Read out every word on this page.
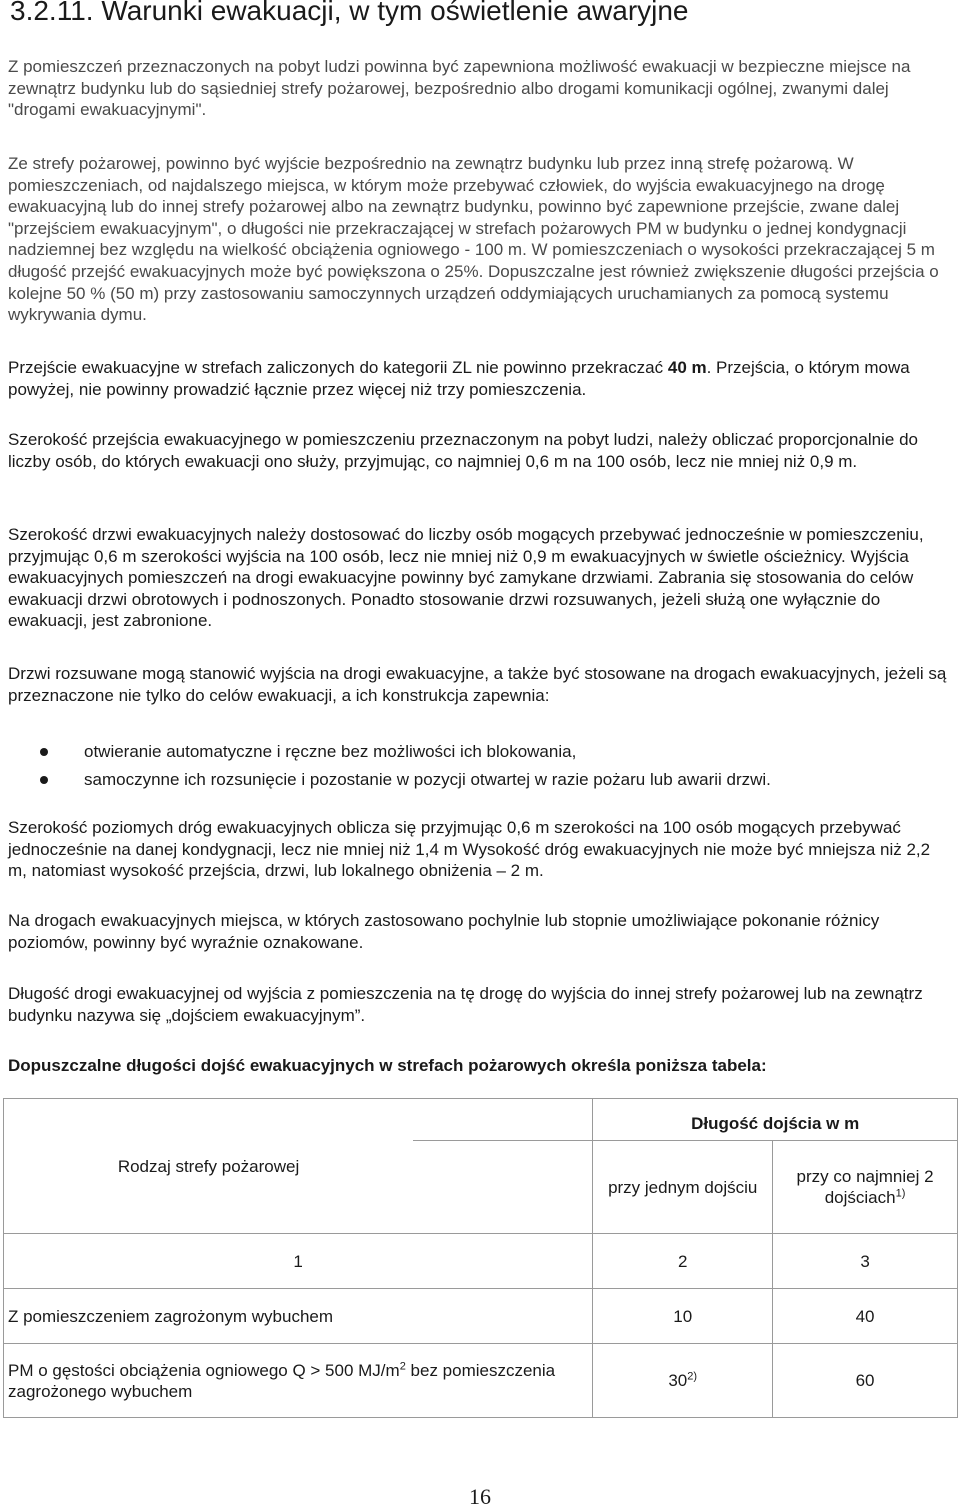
3.2.11. Warunki ewakuacji, w tym oświetlenie awaryjne

Z pomieszczeń przeznaczonych na pobyt ludzi powinna być zapewniona możliwość ewakuacji w bezpieczne miejsce na zewnątrz budynku lub do sąsiedniej strefy pożarowej, bezpośrednio albo drogami komunikacji ogólnej, zwanymi dalej "drogami ewakuacyjnymi".

Ze strefy pożarowej, powinno być wyjście bezpośrednio na zewnątrz budynku lub przez inną strefę pożarową. W pomieszczeniach, od najdalszego miejsca, w którym może przebywać człowiek, do wyjścia ewakuacyjnego na drogę ewakuacyjną lub do innej strefy pożarowej albo na zewnątrz budynku, powinno być zapewnione przejście, zwane dalej "przejściem ewakuacyjnym", o długości nie przekraczającej w strefach pożarowych PM w budynku o jednej kondygnacji nadziemnej bez względu na wielkość obciążenia ogniowego - 100 m. W pomieszczeniach o wysokości przekraczającej 5 m długość przejść ewakuacyjnych może być powiększona o 25%. Dopuszczalne jest również zwiększenie długości przejścia o kolejne 50 % (50 m) przy zastosowaniu samoczynnych urządzeń oddymiających uruchamianych za pomocą systemu wykrywania dymu.

Przejście ewakuacyjne w strefach zaliczonych do kategorii ZL nie powinno przekraczać 40 m. Przejścia, o którym mowa powyżej, nie powinny prowadzić łącznie przez więcej niż trzy pomieszczenia.

Szerokość przejścia ewakuacyjnego w pomieszczeniu przeznaczonym na pobyt ludzi, należy obliczać proporcjonalnie do liczby osób, do których ewakuacji ono służy, przyjmując, co najmniej 0,6 m na 100 osób, lecz nie mniej niż 0,9 m.

Szerokość drzwi ewakuacyjnych należy dostosować do liczby osób mogących przebywać jednocześnie w pomieszczeniu, przyjmując 0,6 m szerokości wyjścia na 100 osób, lecz nie mniej niż 0,9 m ewakuacyjnych w świetle ościeżnicy. Wyjścia ewakuacyjnych pomieszczeń na drogi ewakuacyjne powinny być zamykane drzwiami. Zabrania się stosowania do celów ewakuacji drzwi obrotowych i podnoszonych. Ponadto stosowanie drzwi rozsuwanych, jeżeli służą one wyłącznie do ewakuacji, jest zabronione.

Drzwi rozsuwane mogą stanowić wyjścia na drogi ewakuacyjne, a także być stosowane na drogach ewakuacyjnych, jeżeli są przeznaczone nie tylko do celów ewakuacji, a ich konstrukcja zapewnia:

otwieranie automatyczne i ręczne bez możliwości ich blokowania,
samoczynne ich rozsunięcie i pozostanie w pozycji otwartej w razie pożaru lub awarii drzwi.

Szerokość poziomych dróg ewakuacyjnych oblicza się przyjmując 0,6 m szerokości na 100 osób mogących przebywać jednocześnie na danej kondygnacji, lecz nie mniej niż 1,4 m Wysokość dróg ewakuacyjnych nie może być mniejsza niż 2,2 m, natomiast wysokość przejścia, drzwi, lub lokalnego obniżenia – 2 m.

Na drogach ewakuacyjnych miejsca, w których zastosowano pochylnie lub stopnie umożliwiające pokonanie różnicy poziomów, powinny być wyraźnie oznakowane.

Długość drogi ewakuacyjnej od wyjścia z pomieszczenia na tę drogę do wyjścia do innej strefy pożarowej lub na zewnątrz budynku nazywa się „dojściem ewakuacyjnym”.

Dopuszczalne długości dojść ewakuacyjnych w strefach pożarowych określa poniższa tabela:

Rodzaj strefy pożarowej		Długość dojścia w m	
		przy jednym dojściu	przy co najmniej 2 dojściach$^{1)}$
1		2	3
Z pomieszczeniem zagrożonym wybuchem		10	40
PM o gęstości obciążenia ogniowego Q > 500 $MJ/m^2$ bez pomieszczenia zagrożonego wybuchem		30$^{2)}$	60
16
